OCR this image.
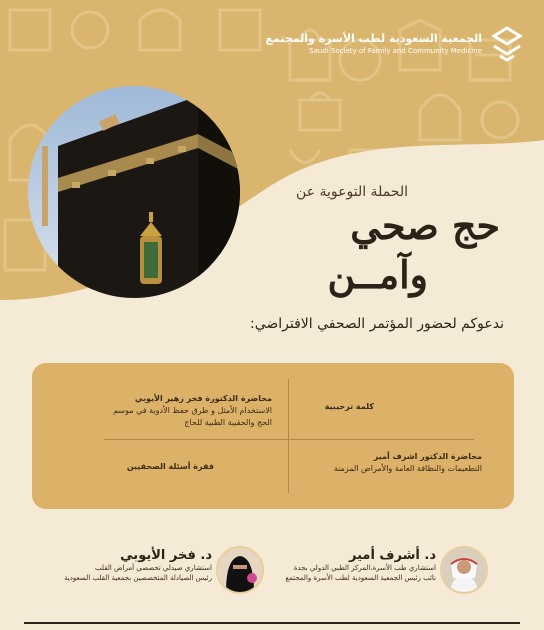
الجمعية السعودية لطب الأسرة والمجتمع
Saudi Society of Family and Community Medicine
الحملة التوعوية عن
حج صحي
وآمــن
ندعوكم لحضور المؤتمر الصحفي الافتراضي:
كلمة ترحيبية
محاضرة الدكتورة فخر زهير الأيوبي
الاستخدام الأمثل و طرق حفظ الأدوية في موسم
الحج والحقيبة الطبية للحاج
محاضرة الدكتور اشرف أمير
التطعيمات والنظافة العامة والأمراض المزمنة
فقرة أسئلة الصحفيين
د. أشرف أمير
استشاري طب الأسرة،المركز الطبي الدولي بجدة
نائب رئيس الجمعية السعودية لطب الأسرة والمجتمع
د. فخر الأيوبي
استشاري صيدلي تخصصي أمراض القلب
رئيس الصيادلة المتخصصين بجمعية القلب السعودية
